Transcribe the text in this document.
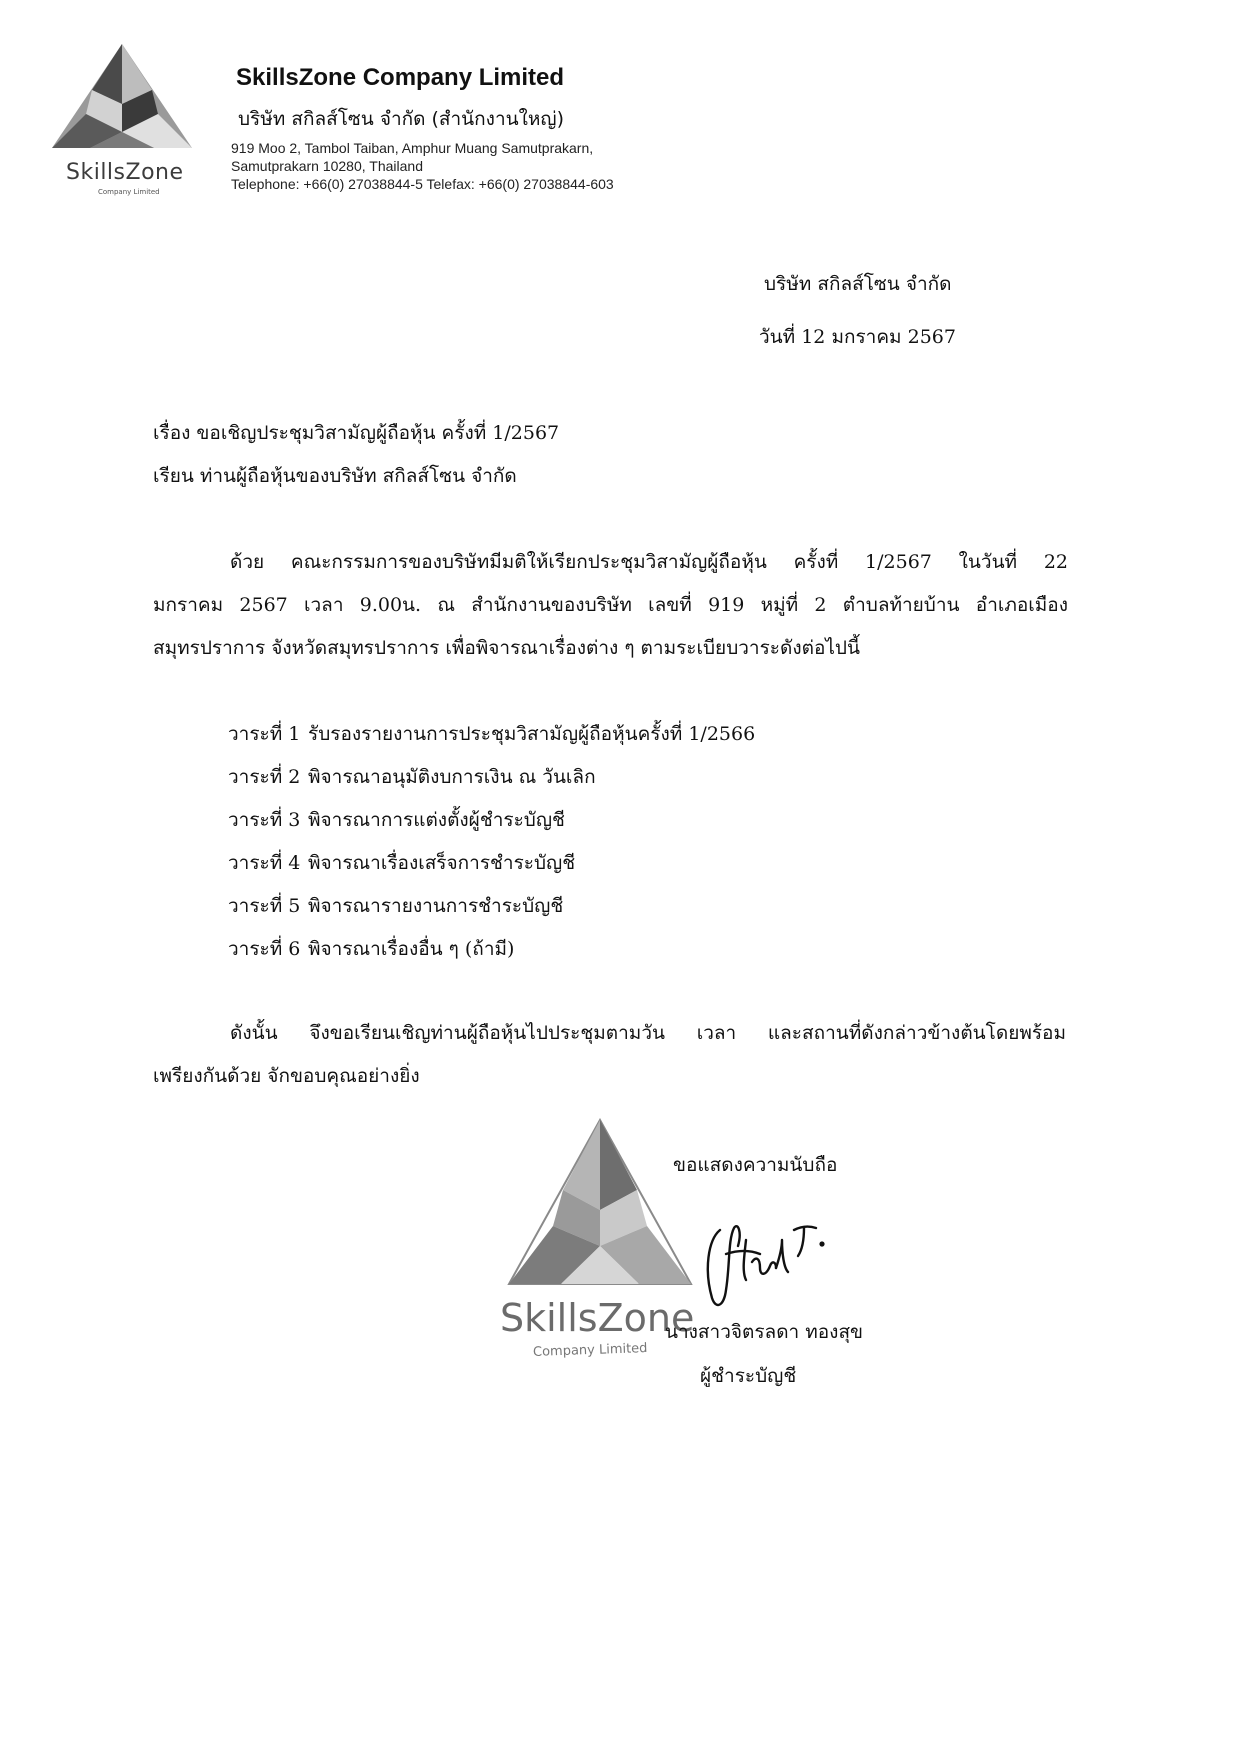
SkillsZone
Company Limited
SkillsZone Company Limited
บริษัท สกิลส์โซน จำกัด (สำนักงานใหญ่)
919 Moo 2, Tambol Taiban, Amphur Muang Samutprakarn,
Samutprakarn 10280, Thailand
Telephone: +66(0) 27038844-5 Telefax: +66(0) 27038844-603
บริษัท สกิลส์โซน จำกัด
วันที่ 12 มกราคม 2567
เรื่อง ขอเชิญประชุมวิสามัญผู้ถือหุ้น ครั้งที่ 1/2567
เรียน ท่านผู้ถือหุ้นของบริษัท สกิลส์โซน จำกัด
ด้วย คณะกรรมการของบริษัทมีมติให้เรียกประชุมวิสามัญผู้ถือหุ้น ครั้งที่ 1/2567 ในวันที่ 22
มกราคม 2567 เวลา 9.00น. ณ สำนักงานของบริษัท เลขที่ 919 หมู่ที่ 2 ตำบลท้ายบ้าน อำเภอเมือง
สมุทรปราการ จังหวัดสมุทรปราการ เพื่อพิจารณาเรื่องต่าง ๆ ตามระเบียบวาระดังต่อไปนี้
วาระที่ 1 รับรองรายงานการประชุมวิสามัญผู้ถือหุ้นครั้งที่ 1/2566
วาระที่ 2 พิจารณาอนุมัติงบการเงิน ณ วันเลิก
วาระที่ 3 พิจารณาการแต่งตั้งผู้ชำระบัญชี
วาระที่ 4 พิจารณาเรื่องเสร็จการชำระบัญชี
วาระที่ 5 พิจารณารายงานการชำระบัญชี
วาระที่ 6 พิจารณาเรื่องอื่น ๆ (ถ้ามี)
ดังนั้น จึงขอเรียนเชิญท่านผู้ถือหุ้นไปประชุมตามวัน เวลา และสถานที่ดังกล่าวข้างต้นโดยพร้อม
เพรียงกันด้วย จักขอบคุณอย่างยิ่ง
SkillsZone
Company Limited
ขอแสดงความนับถือ
นางสาวจิตรลดา ทองสุข
ผู้ชำระบัญชี
